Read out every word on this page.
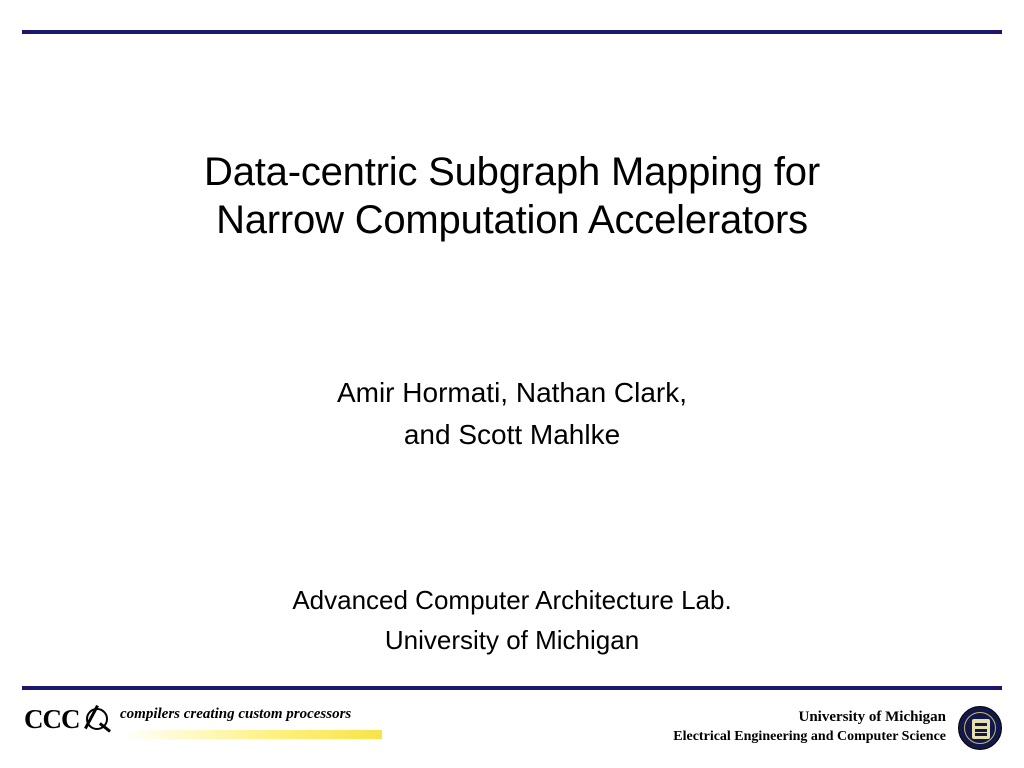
Data-centric Subgraph Mapping for
Narrow Computation Accelerators
Amir Hormati, Nathan Clark,
and Scott Mahlke
Advanced Computer Architecture Lab.
University of Michigan
CCC	compilers creating custom processors	University of Michigan
Electrical Engineering and Computer Science
